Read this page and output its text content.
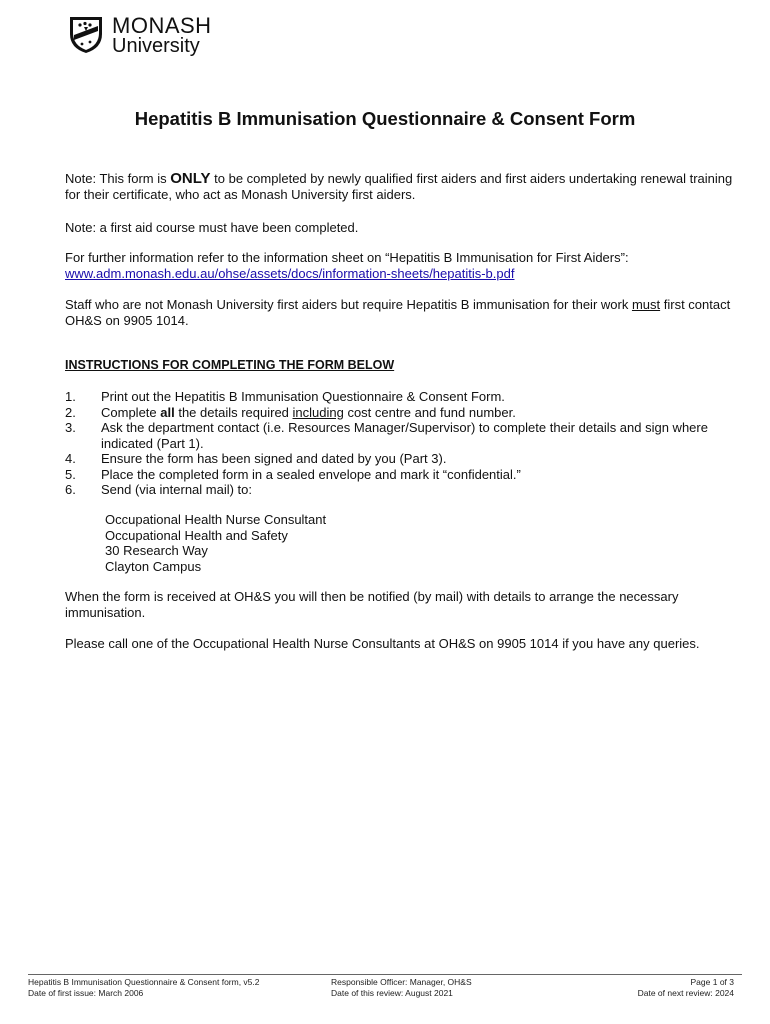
MONASH
University
Hepatitis B Immunisation Questionnaire & Consent Form

Note: This form is ONLY to be completed by newly qualified first aiders and first aiders undertaking renewal training for their certificate, who act as Monash University first aiders.

Note: a first aid course must have been completed.

For further information refer to the information sheet on “Hepatitis B Immunisation for First Aiders”:
www.adm.monash.edu.au/ohse/assets/docs/information-sheets/hepatitis-b.pdf

Staff who are not Monash University first aiders but require Hepatitis B immunisation for their work must first contact OH&S on 9905 1014.

INSTRUCTIONS FOR COMPLETING THE FORM BELOW
1.	Print out the Hepatitis B Immunisation Questionnaire & Consent Form.
2.	Complete all the details required including cost centre and fund number.
3.	Ask the department contact (i.e. Resources Manager/Supervisor) to complete their details and sign where indicated (Part 1).
4.	Ensure the form has been signed and dated by you (Part 3).
5.	Place the completed form in a sealed envelope and mark it “confidential.”
6.	Send (via internal mail) to:
Occupational Health Nurse Consultant
Occupational Health and Safety
30 Research Way
Clayton Campus

When the form is received at OH&S you will then be notified (by mail) with details to arrange the necessary immunisation.

Please call one of the Occupational Health Nurse Consultants at OH&S on 9905 1014 if you have any queries.

Hepatitis B Immunisation Questionnaire & Consent form, v5.2
Date of first issue: March 2006
Responsible Officer: Manager, OH&S
Date of this review: August 2021
Page 1 of 3
Date of next review: 2024
